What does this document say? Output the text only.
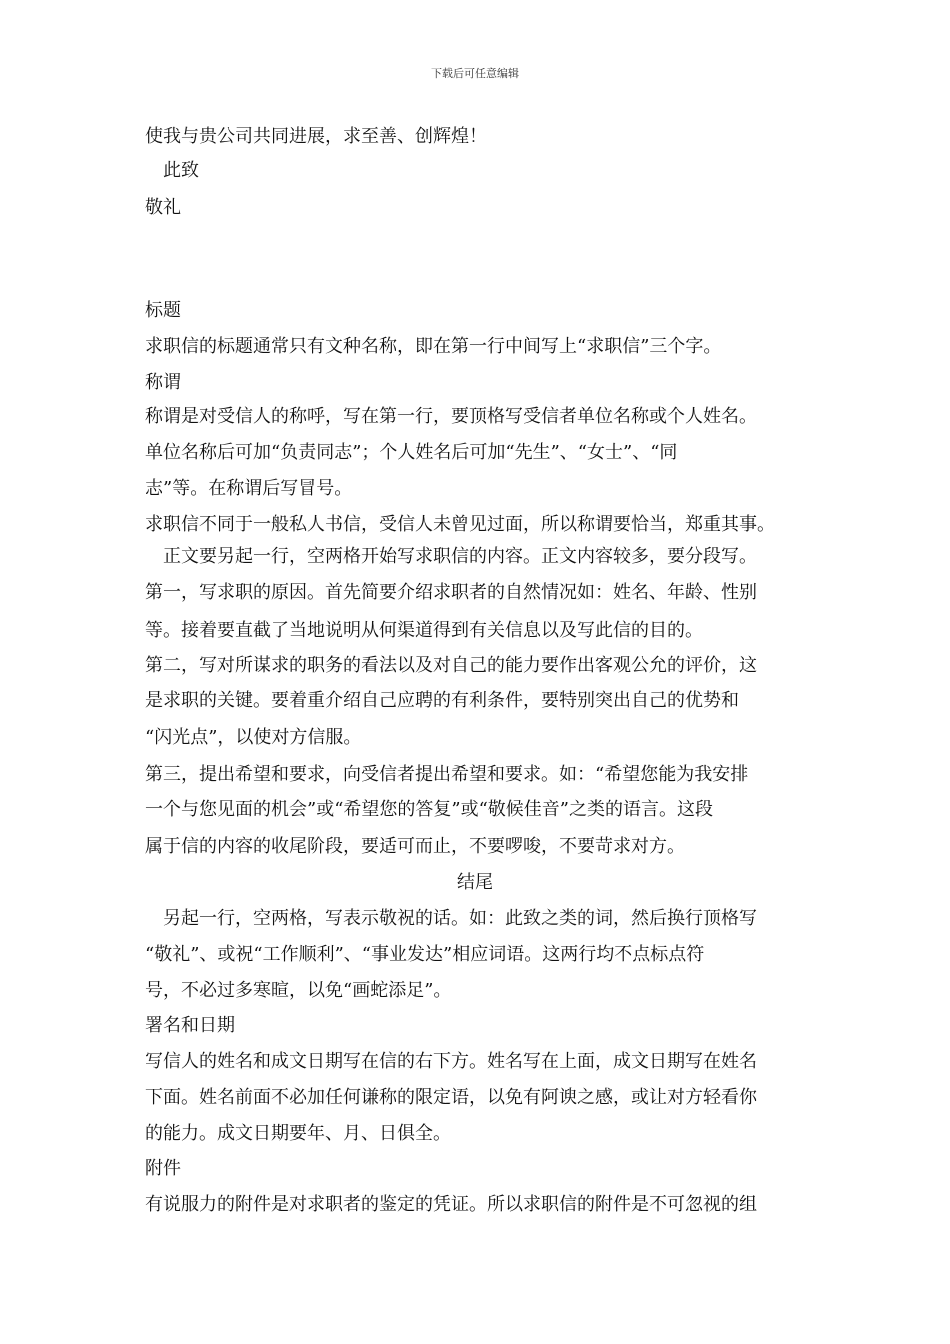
下载后可任意编辑
使我与贵公司共同进展，求至善、创辉煌！
　此致
敬礼
标题
求职信的标题通常只有文种名称，即在第一行中间写上“求职信”三个字。
称谓
称谓是对受信人的称呼，写在第一行，要顶格写受信者单位名称或个人姓名。
单位名称后可加“负责同志”；个人姓名后可加“先生”、“女士”、“同
志”等。在称谓后写冒号。
求职信不同于一般私人书信，受信人未曾见过面，所以称谓要恰当，郑重其事。
　正文要另起一行，空两格开始写求职信的内容。正文内容较多，要分段写。
第一，写求职的原因。首先简要介绍求职者的自然情况如：姓名、年龄、性别
等。接着要直截了当地说明从何渠道得到有关信息以及写此信的目的。
第二，写对所谋求的职务的看法以及对自己的能力要作出客观公允的评价，这
是求职的关键。要着重介绍自己应聘的有利条件，要特别突出自己的优势和
“闪光点”，以使对方信服。
第三，提出希望和要求，向受信者提出希望和要求。如：“希望您能为我安排
一个与您见面的机会”或“希望您的答复”或“敬候佳音”之类的语言。这段
属于信的内容的收尾阶段，要适可而止，不要啰唆，不要苛求对方。
结尾
　另起一行，空两格，写表示敬祝的话。如：此致之类的词，然后换行顶格写
“敬礼”、或祝“工作顺利”、“事业发达”相应词语。这两行均不点标点符
号，不必过多寒暄，以免“画蛇添足”。
署名和日期
写信人的姓名和成文日期写在信的右下方。姓名写在上面，成文日期写在姓名
下面。姓名前面不必加任何谦称的限定语，以免有阿谀之感，或让对方轻看你
的能力。成文日期要年、月、日俱全。
附件
有说服力的附件是对求职者的鉴定的凭证。所以求职信的附件是不可忽视的组
